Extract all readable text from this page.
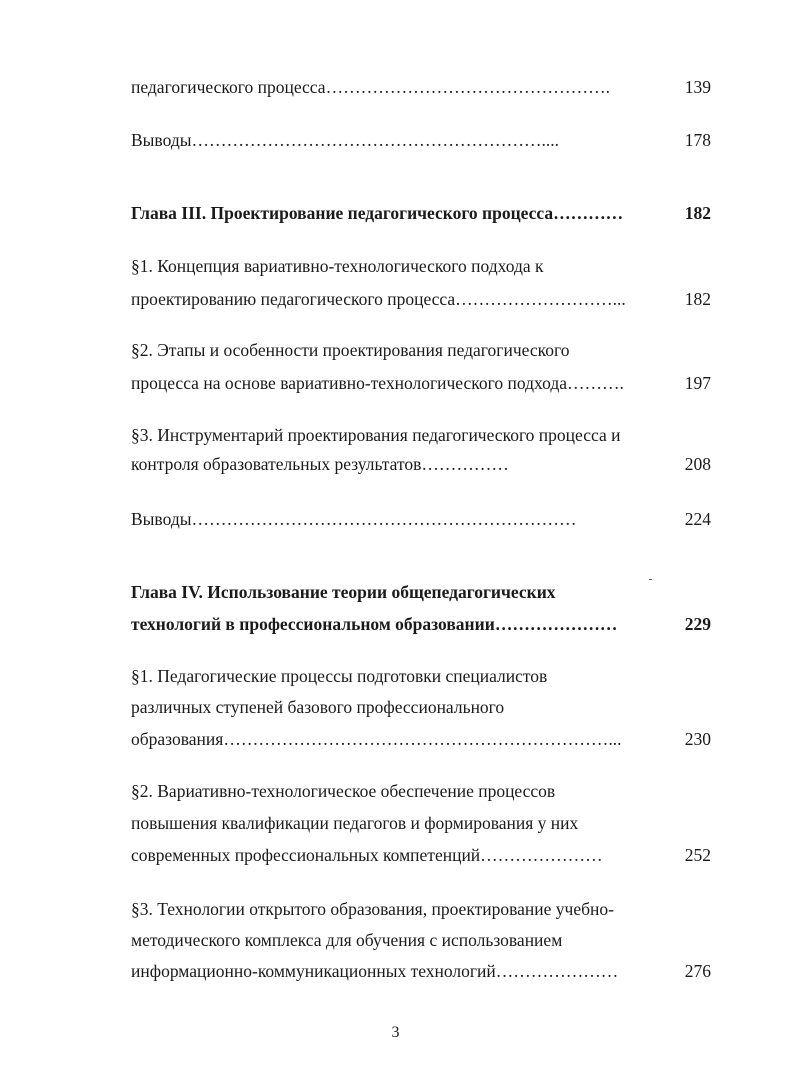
педагогического процесса………………………………………….	139
Выводы……………………………………………………....	178
Глава III. Проектирование педагогического процесса…………	182
§1. Концепция вариативно-технологического подхода к
проектированию педагогического процесса………………………...	182
§2. Этапы и особенности проектирования педагогического
процесса на основе вариативно-технологического подхода……….	197
§3. Инструментарий проектирования педагогического процесса и
контроля образовательных результатов……………	208
Выводы…………………………………………………………	224
Глава IV. Использование теории общепедагогических
технологий в профессиональном образовании…………………	229
§1. Педагогические процессы подготовки специалистов
различных ступеней базового профессионального
образования…………………………………………………………...	230
§2. Вариативно-технологическое обеспечение процессов
повышения квалификации педагогов и формирования у них
современных профессиональных компетенций…………………	252
§3. Технологии открытого образования, проектирование учебно-
методического комплекса для обучения с использованием
информационно-коммуникационных технологий…………………	276
3
